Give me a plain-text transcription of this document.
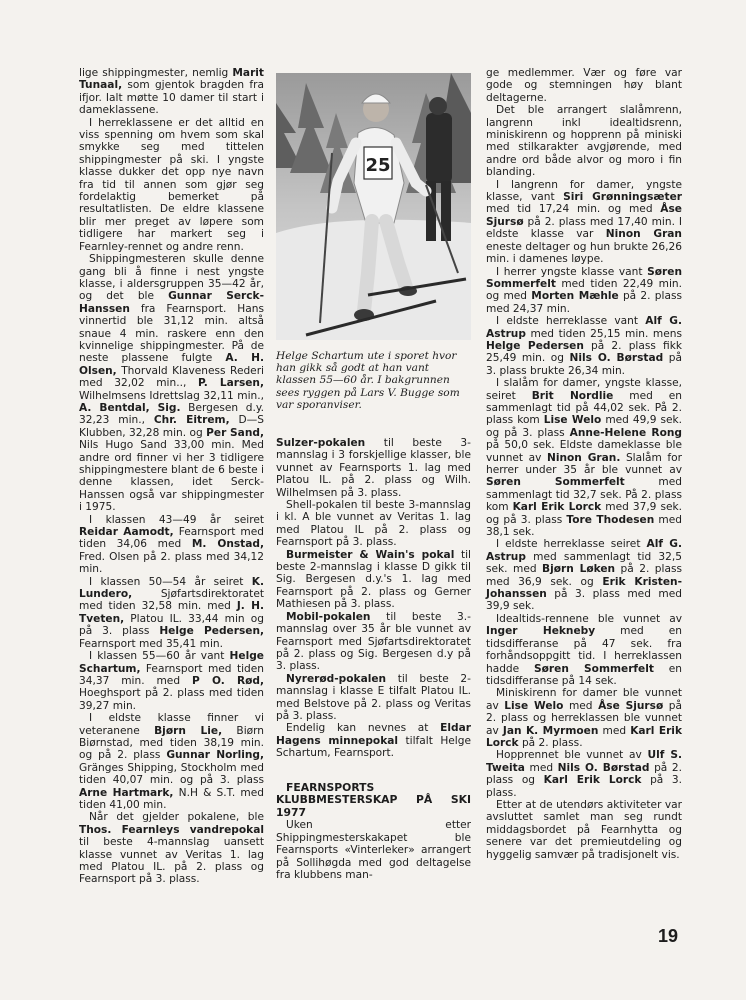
lige shippingmester, nemlig Marit Tunaal, som gjentok bragden fra ifjor. Ialt møtte 10 damer til start i dameklassene.

I herreklassene er det alltid en viss spenning om hvem som skal smykke seg med tittelen shippingmester på ski. I yngste klasse dukker det opp nye navn fra tid til annen som gjør seg fordelaktig bemerket på resultatlisten. De eldre klassene blir mer preget av løpere som tidligere har markert seg i Fearnley-rennet og andre renn.

Shippingmesteren skulle denne gang bli å finne i nest yngste klasse, i aldersgruppen 35—42 år, og det ble Gunnar Serck-Hanssen fra Fearnsport. Hans vinnertid ble 31,12 min. altså snaue 4 min. raskere enn den kvinnelige shippingmester. På de neste plassene fulgte A. H. Olsen, Thorvald Klaveness Rederi med 32,02 min.., P. Larsen, Wilhelmsens Idrettslag 32,11 min., A. Bentdal, Sig. Bergesen d.y. 32,23 min., Chr. Eitrem, D—S Klubben, 32,28 min. og Per Sand, Nils Hugo Sand 33,00 min. Med andre ord finner vi her 3 tidligere shippingmestere blant de 6 beste i denne klassen, idet Serck-Hanssen også var shippingmester i 1975.

I klassen 43—49 år seiret Reidar Aamodt, Fearnsport med tiden 34,06 med M. Onstad, Fred. Olsen på 2. plass med 34,12 min.

I klassen 50—54 år seiret K. Lundero, Sjøfartsdirektoratet med tiden 32,58 min. med J. H. Tveten, Platou IL. 33,44 min og på 3. plass Helge Pedersen, Fearnsport med 35,41 min.

I klassen 55—60 år vant Helge Schartum, Fearnsport med tiden 34,37 min. med P O. Rød, Hoeghsport på 2. plass med tiden 39,27 min.

I eldste klasse finner vi veteranene Bjørn Lie, Biørn Biørnstad, med tiden 38,19 min. og på 2. plass Gunnar Norling, Gränges Shipping, Stockholm med tiden 40,07 min. og på 3. plass Arne Hartmark, N.H & S.T. med tiden 41,00 min.

Når det gjelder pokalene, ble Thos. Fearnleys vandrepokal til beste 4-mannslag uansett klasse vunnet av Veritas 1. lag med Platou IL. på 2. plass og Fearnsport på 3. plass.

25

Helge Schartum ute i sporet hvor han gikk så godt at han vant klassen 55—60 år. I bakgrunnen sees ryggen på Lars V. Bugge som var sporanviser.

Sulzer-pokalen til beste 3-mannslag i 3 forskjellige klasser, ble vunnet av Fearnsports 1. lag med Platou IL. på 2. plass og Wilh. Wilhelmsen på 3. plass.

Shell-pokalen til beste 3-mannslag i kl. A ble vunnet av Veritas 1. lag med Platou IL på 2. plass og Fearnsport på 3. plass.

Burmeister & Wain's pokal til beste 2-mannslag i klasse D gikk til Sig. Bergesen d.y.'s 1. lag med Fearnsport på 2. plass og Gerner Mathiesen på 3. plass.

Mobil-pokalen til beste 3.-mannslag over 35 år ble vunnet av Fearnsport med Sjøfartsdirektoratet på 2. plass og Sig. Bergesen d.y på 3. plass.

Nyrerød-pokalen til beste 2-mannslag i klasse E tilfalt Platou IL. med Belstove på 2. plass og Veritas på 3. plass.

Endelig kan nevnes at Eldar Hagens minnepokal tilfalt Helge Schartum, Fearnsport.

FEARNSPORTS KLUBBMESTERSKAP PÅ SKI 1977

Uken etter Shippingmesterskakapet ble Fearnsports «Vinterleker» arrangert på Sollihøgda med god deltagelse fra klubbens man-

ge medlemmer. Vær og føre var gode og stemningen høy blant deltagerne.

Det ble arrangert slalåmrenn, langrenn inkl idealtidsrenn, miniskirenn og hopprenn på miniski med stilkarakter avgjørende, med andre ord både alvor og moro i fin blanding.

I langrenn for damer, yngste klasse, vant Siri Grønningsæter med tid 17,24 min. og med Åse Sjursø på 2. plass med 17,40 min. I eldste klasse var Ninon Gran eneste deltager og hun brukte 26,26 min. i damenes løype.

I herrer yngste klasse vant Søren Sommerfelt med tiden 22,49 min. og med Morten Mæhle på 2. plass med 24,37 min.

I eldste herreklasse vant Alf G. Astrup med tiden 25,15 min. mens Helge Pedersen på 2. plass fikk 25,49 min. og Nils O. Børstad på 3. plass brukte 26,34 min.

I slalåm for damer, yngste klasse, seiret Brit Nordlie med en sammenlagt tid på 44,02 sek. På 2. plass kom Lise Welo med 49,9 sek. og på 3. plass Anne-Helene Rong på 50,0 sek. Eldste dameklasse ble vunnet av Ninon Gran. Slalåm for herrer under 35 år ble vunnet av Søren Sommerfelt med sammenlagt tid 32,7 sek. På 2. plass kom Karl Erik Lorck med 37,9 sek. og på 3. plass Tore Thodesen med 38,1 sek.

I eldste herreklasse seiret Alf G. Astrup med sammenlagt tid 32,5 sek. med Bjørn Løken på 2. plass med 36,9 sek. og Erik Kristen-Johanssen på 3. plass med med 39,9 sek.

Idealtids-rennene ble vunnet av Inger Hekneby med en tidsdifferanse på 47 sek. fra forhåndsoppgitt tid. I herreklassen hadde Søren Sommerfelt en tidsdifferanse på 14 sek.

Miniskirenn for damer ble vunnet av Lise Welo med Åse Sjursø på 2. plass og herreklassen ble vunnet av Jan K. Myrmoen med Karl Erik Lorck på 2. plass.

Hopprennet ble vunnet av Ulf S. Tweita med Nils O. Børstad på 2. plass og Karl Erik Lorck på 3. plass.

Etter at de utendørs aktiviteter var avsluttet samlet man seg rundt middagsbordet på Fearnhytta og senere var det premieutdeling og hyggelig samvær på tradisjonelt vis.

19
